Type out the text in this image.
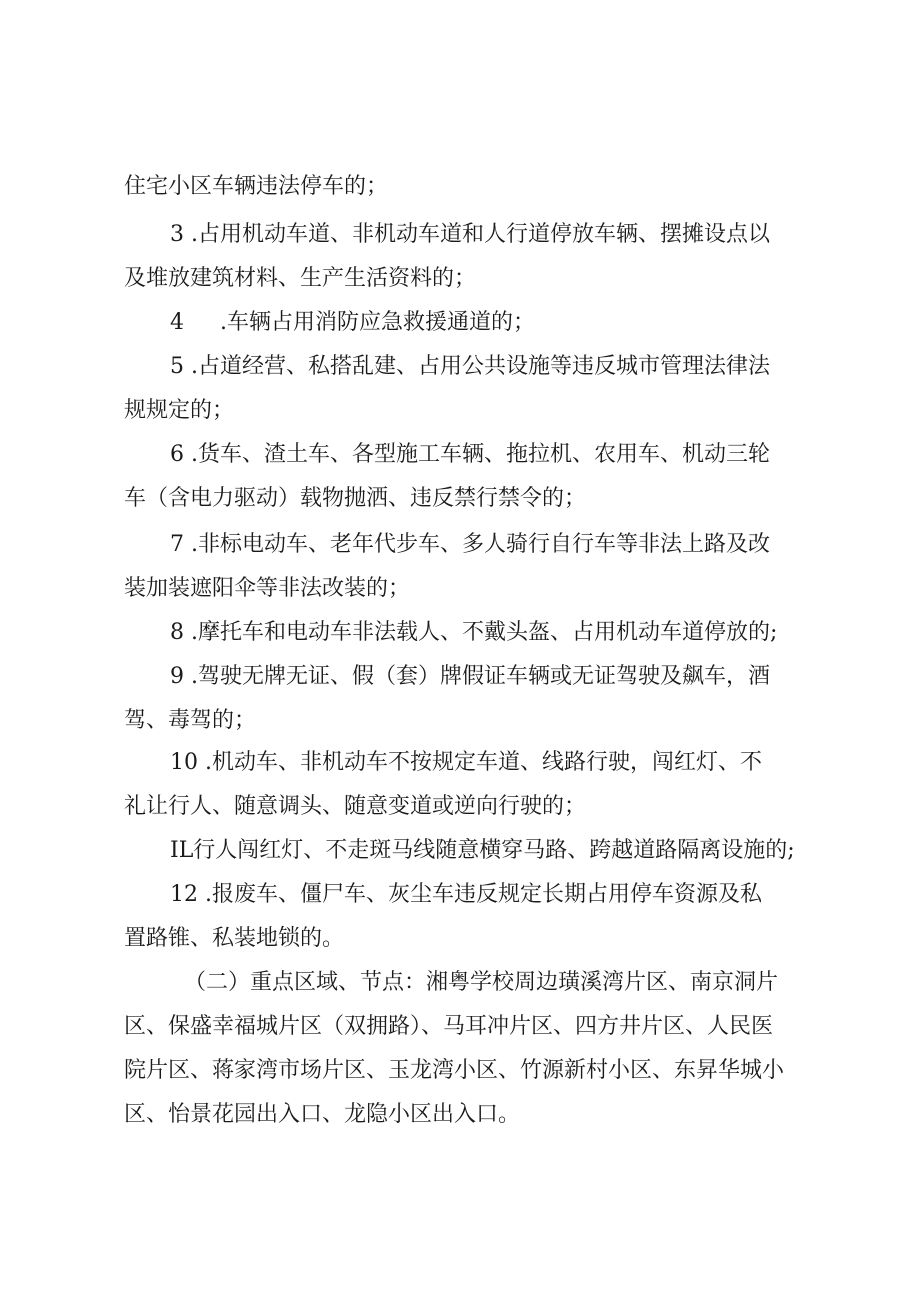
住宅小区车辆违法停车的；
3 .占用机动车道、非机动车道和人行道停放车辆、摆摊设点以
及堆放建筑材料、生产生活资料的；
4 　 .车辆占用消防应急救援通道的；
5 .占道经营、私搭乱建、占用公共设施等违反城市管理法律法
规规定的；
6 .货车、渣土车、各型施工车辆、拖拉机、农用车、机动三轮
车（含电力驱动）载物抛洒、违反禁行禁令的；
7 .非标电动车、老年代步车、多人骑行自行车等非法上路及改
装加装遮阳伞等非法改装的；
8 .摩托车和电动车非法载人、不戴头盔、占用机动车道停放的;
9 .驾驶无牌无证、假（套）牌假证车辆或无证驾驶及飙车，酒
驾、毒驾的；
10 .机动车、非机动车不按规定车道、线路行驶，闯红灯、不
礼让行人、随意调头、随意变道或逆向行驶的；
IL行人闯红灯、不走斑马线随意横穿马路、跨越道路隔离设施的;
12 .报废车、僵尸车、灰尘车违反规定长期占用停车资源及私
置路锥、私装地锁的。
（二）重点区域、节点：湘粤学校周边璜溪湾片区、南京洞片
区、保盛幸福城片区（双拥路）、马耳冲片区、四方井片区、人民医
院片区、蒋家湾市场片区、玉龙湾小区、竹源新村小区、东昇华城小
区、怡景花园出入口、龙隐小区出入口。
